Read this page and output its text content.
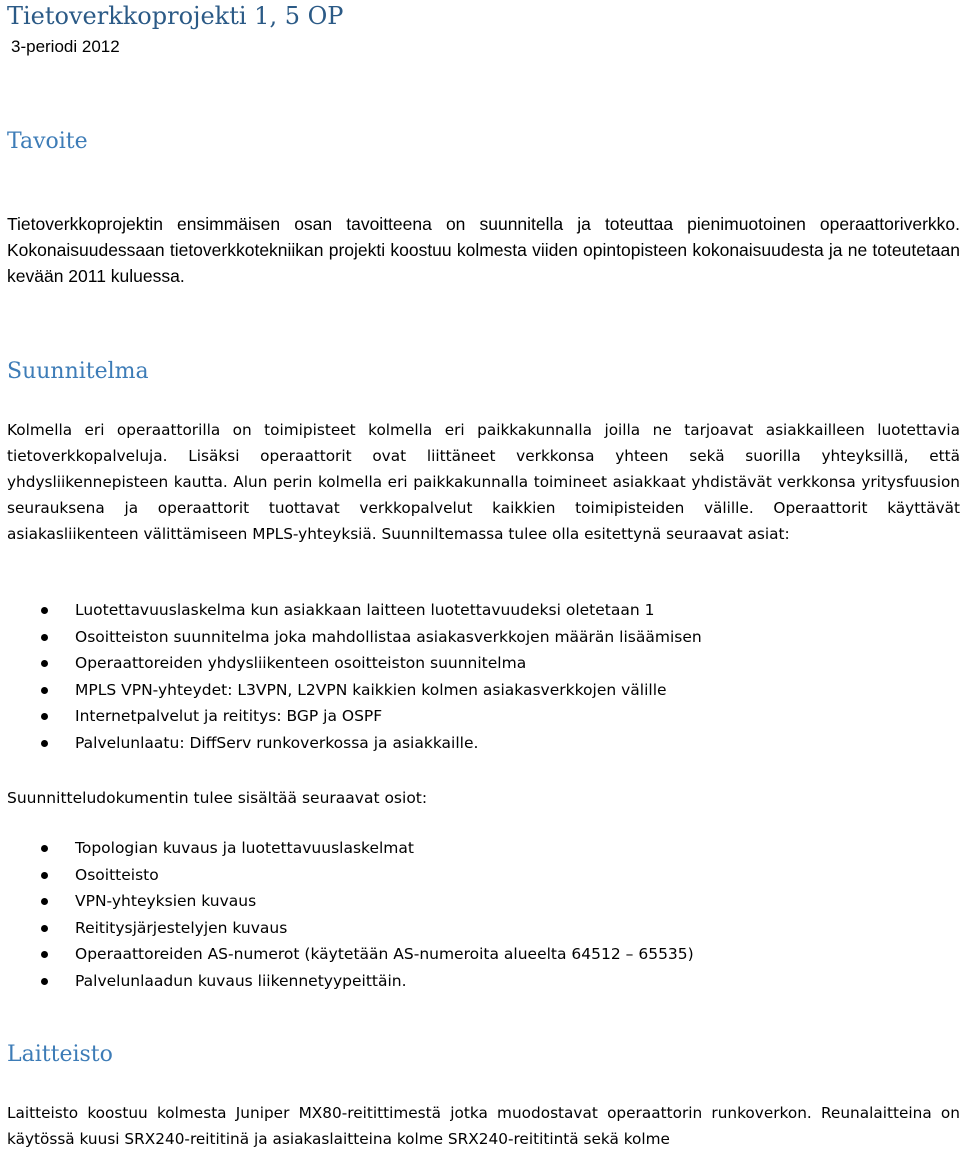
Tietoverkkoprojekti 1, 5 OP
3-periodi 2012
Tavoite

Tietoverkkoprojektin ensimmäisen osan tavoitteena on suunnitella ja toteuttaa pienimuotoinen operaattoriverkko. Kokonaisuudessaan tietoverkkotekniikan projekti koostuu kolmesta viiden opintopisteen kokonaisuudesta ja ne toteutetaan kevään 2011 kuluessa.

Suunnitelma

Kolmella eri operaattorilla on toimipisteet kolmella eri paikkakunnalla joilla ne tarjoavat asiakkailleen luotettavia tietoverkkopalveluja. Lisäksi operaattorit ovat liittäneet verkkonsa yhteen sekä suorilla yhteyksillä, että yhdysliikennepisteen kautta. Alun perin kolmella eri paikkakunnalla toimineet asiakkaat yhdistävät verkkonsa yritysfuusion seurauksena ja operaattorit tuottavat verkkopalvelut kaikkien toimipisteiden välille. Operaattorit käyttävät asiakasliikenteen välittämiseen MPLS-yhteyksiä. Suunniltemassa tulee olla esitettynä seuraavat asiat:

Luotettavuuslaskelma kun asiakkaan laitteen luotettavuudeksi oletetaan 1
Osoitteiston suunnitelma joka mahdollistaa asiakasverkkojen määrän lisäämisen
Operaattoreiden yhdysliikenteen osoitteiston suunnitelma
MPLS VPN-yhteydet: L3VPN, L2VPN kaikkien kolmen asiakasverkkojen välille
Internetpalvelut ja reititys: BGP ja OSPF
Palvelunlaatu: DiffServ runkoverkossa ja asiakkaille.

Suunnitteludokumentin tulee sisältää seuraavat osiot:

Topologian kuvaus ja luotettavuuslaskelmat
Osoitteisto
VPN-yhteyksien kuvaus
Reititysjärjestelyjen kuvaus
Operaattoreiden AS-numerot (käytetään AS-numeroita alueelta 64512 – 65535)
Palvelunlaadun kuvaus liikennetyypeittäin.
Laitteisto

Laitteisto koostuu kolmesta Juniper MX80-reitittimestä jotka muodostavat operaattorin runkoverkon. Reunalaitteina on käytössä kuusi SRX240-reititinä ja asiakaslaitteina kolme SRX240-reititintä sekä kolme
